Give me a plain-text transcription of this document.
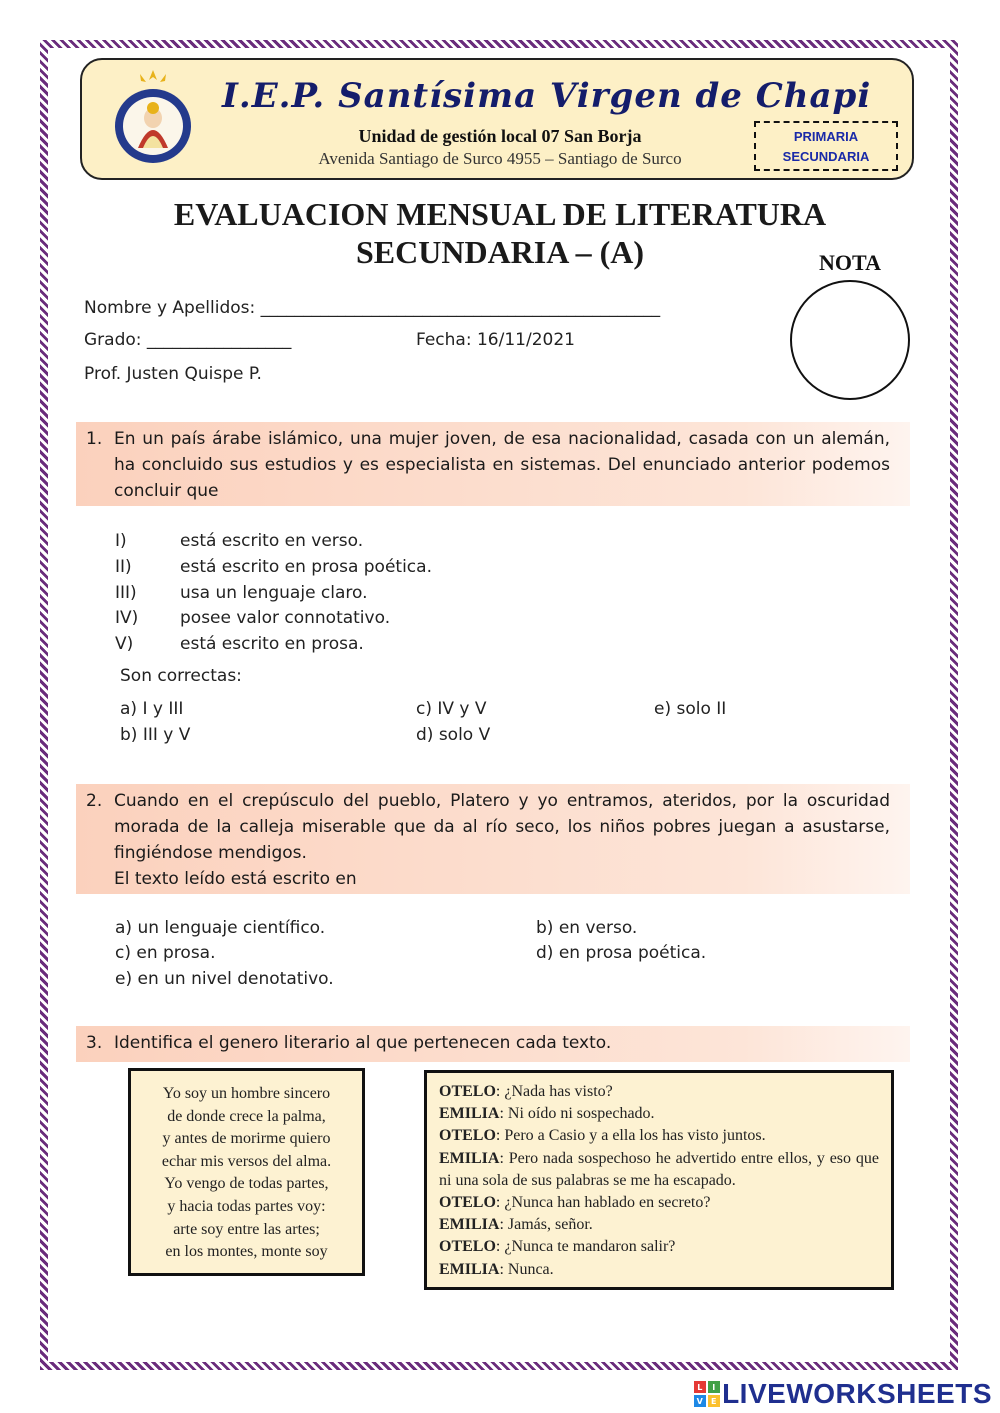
I.E.P. Santísima Virgen de Chapi
Unidad de gestión local 07 San Borja
Avenida Santiago de Surco 4955 – Santiago de Surco
PRIMARIA
SECUNDARIA
EVALUACION MENSUAL DE LITERATURA
SECUNDARIA – (A)	NOTA
Nombre y Apellidos: _______________________________________________
Grado: _________________	Fecha: 16/11/2021
Prof. Justen Quispe P.
1. En un país árabe islámico, una mujer joven, de esa nacionalidad, casada con un alemán, ha concluido sus estudios y es especialista en sistemas. Del enunciado anterior podemos concluir que
I)	está escrito en verso.
II)	está escrito en prosa poética.
III)	usa un lenguaje claro.
IV) posee valor connotativo.
V)	está escrito en prosa.
Son correctas:
a) I y III
b) III y V
c) IV y V
d) solo V
e) solo II
2. Cuando en el crepúsculo del pueblo, Platero y yo entramos, ateridos, por la oscuridad morada de la calleja miserable que da al río seco, los niños pobres juegan a asustarse, fingiéndose mendigos.
El texto leído está escrito en
a) un lenguaje científico.	b) en verso.
c) en prosa.	d) en prosa poética.
e) en un nivel denotativo.
3. Identifica el genero literario al que pertenecen cada texto.
Yo soy un hombre sincero
de donde crece la palma,
y antes de morirme quiero
echar mis versos del alma.
Yo vengo de todas partes,
y hacia todas partes voy:
arte soy entre las artes;
en los montes, monte soy
OTELO: ¿Nada has visto?
EMILIA: Ni oído ni sospechado.
OTELO: Pero a Casio y a ella los has visto juntos.
EMILIA: Pero nada sospechoso he advertido entre ellos, y eso que ni una sola de sus palabras se me ha escapado.
OTELO: ¿Nunca han hablado en secreto?
EMILIA: Jamás, señor.
OTELO: ¿Nunca te mandaron salir?
EMILIA: Nunca.
L I
V E LIVEWORKSHEETS
